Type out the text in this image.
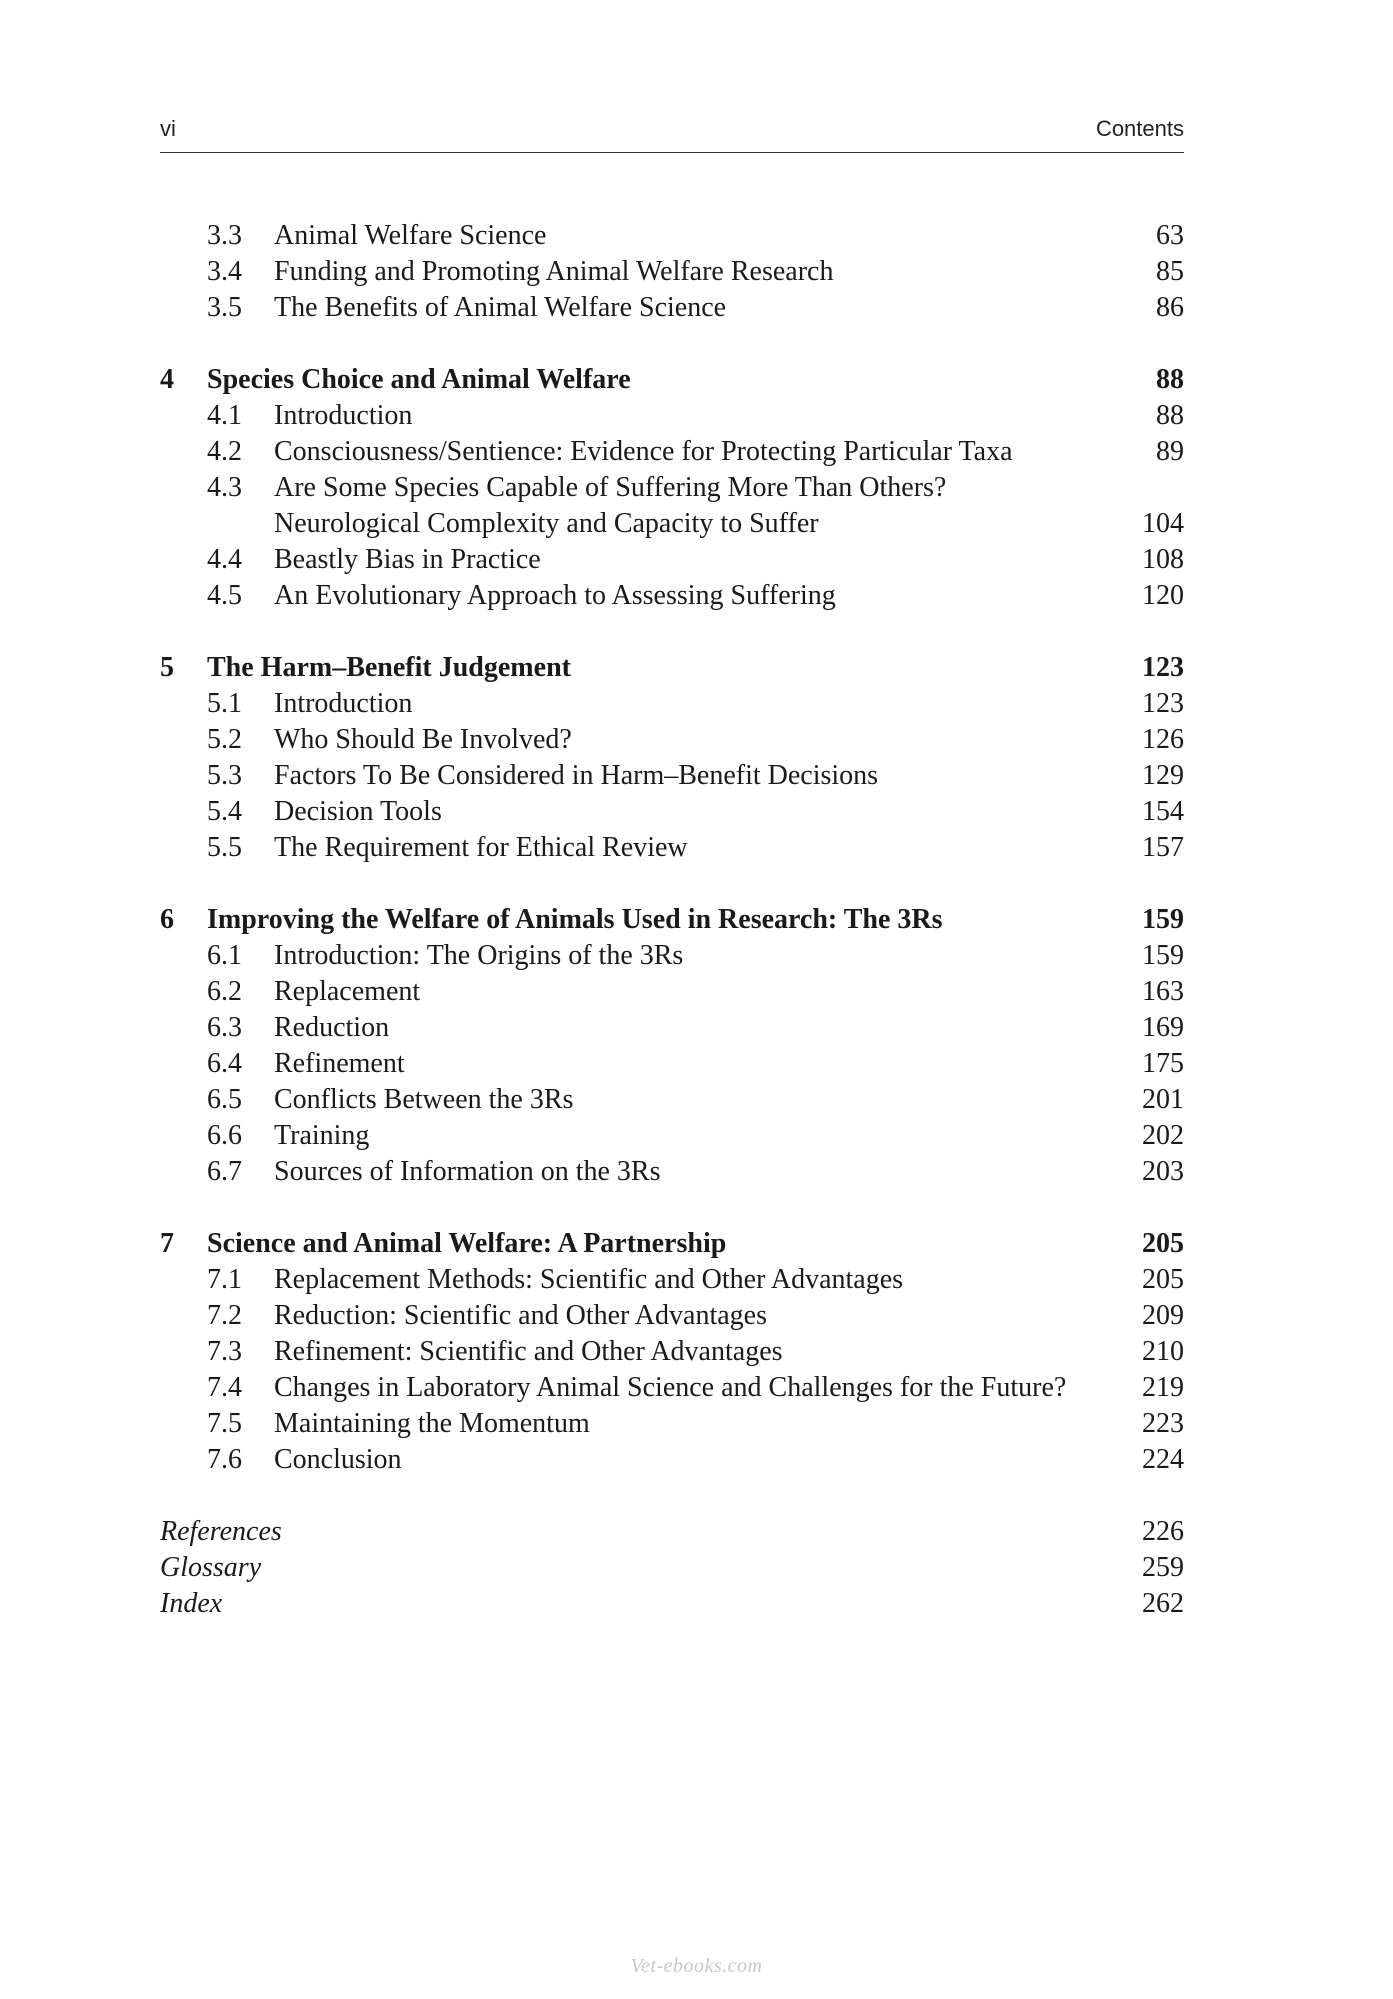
vi	Contents
3.3 Animal Welfare Science	63
3.4 Funding and Promoting Animal Welfare Research	85
3.5 The Benefits of Animal Welfare Science	86
4 Species Choice and Animal Welfare	88
4.1 Introduction	88
4.2 Consciousness/Sentience: Evidence for Protecting Particular Taxa	89
4.3 Are Some Species Capable of Suffering More Than Others? Neurological Complexity and Capacity to Suffer	104
4.4 Beastly Bias in Practice	108
4.5 An Evolutionary Approach to Assessing Suffering	120
5 The Harm–Benefit Judgement	123
5.1 Introduction	123
5.2 Who Should Be Involved?	126
5.3 Factors To Be Considered in Harm–Benefit Decisions	129
5.4 Decision Tools	154
5.5 The Requirement for Ethical Review	157
6 Improving the Welfare of Animals Used in Research: The 3Rs	159
6.1 Introduction: The Origins of the 3Rs	159
6.2 Replacement	163
6.3 Reduction	169
6.4 Refinement	175
6.5 Conflicts Between the 3Rs	201
6.6 Training	202
6.7 Sources of Information on the 3Rs	203
7 Science and Animal Welfare: A Partnership	205
7.1 Replacement Methods: Scientific and Other Advantages	205
7.2 Reduction: Scientific and Other Advantages	209
7.3 Refinement: Scientific and Other Advantages	210
7.4 Changes in Laboratory Animal Science and Challenges for the Future?	219
7.5 Maintaining the Momentum	223
7.6 Conclusion	224
References	226
Glossary	259
Index	262
Vet-ebooks.com
